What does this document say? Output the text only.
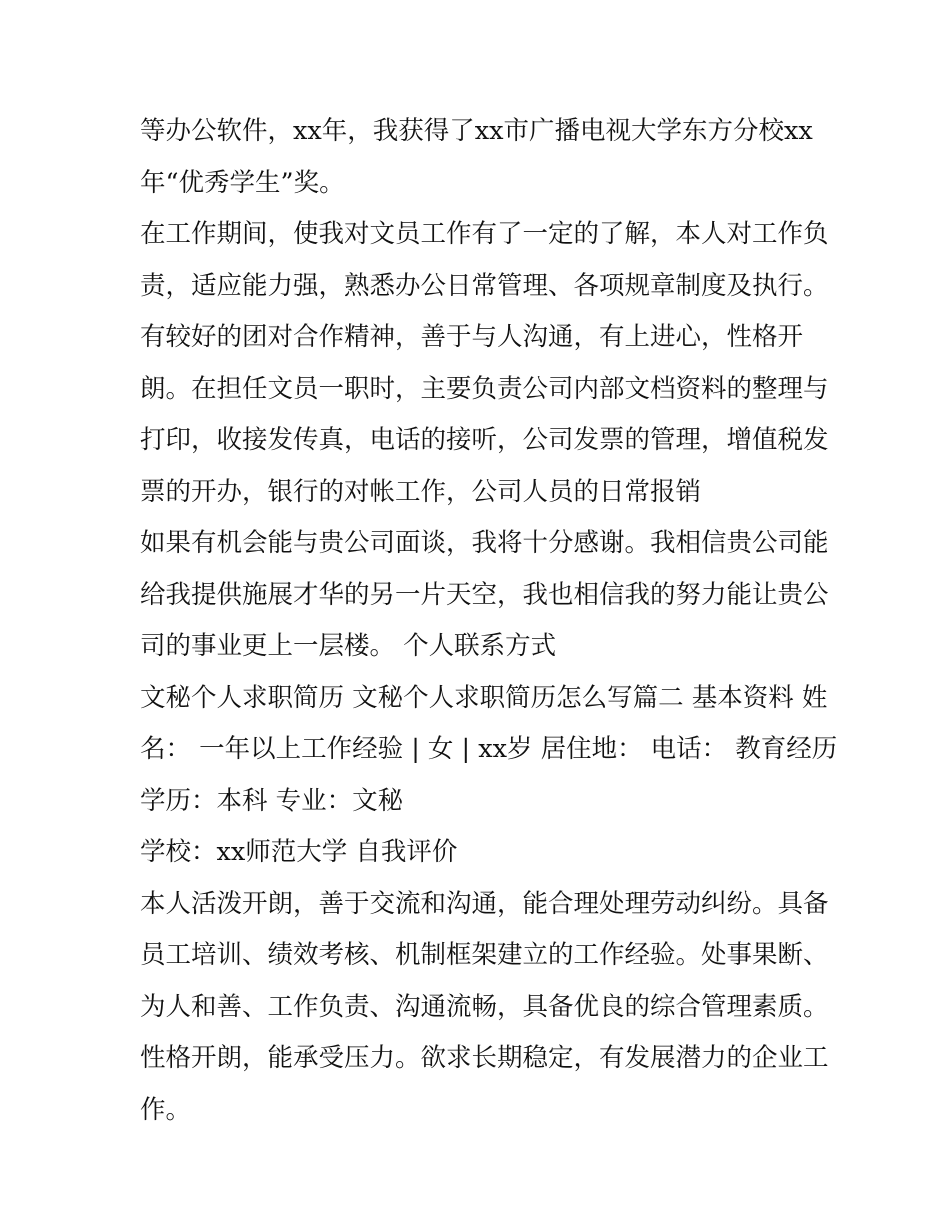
等办公软件，xx年，我获得了xx市广播电视大学东方分校xx
年“优秀学生”奖。
在工作期间，使我对文员工作有了一定的了解，本人对工作负
责，适应能力强，熟悉办公日常管理、各项规章制度及执行。
有较好的团对合作精神，善于与人沟通，有上进心，性格开
朗。在担任文员一职时，主要负责公司内部文档资料的整理与
打印，收接发传真，电话的接听，公司发票的管理，增值税发
票的开办，银行的对帐工作，公司人员的日常报销
如果有机会能与贵公司面谈，我将十分感谢。我相信贵公司能
给我提供施展才华的另一片天空，我也相信我的努力能让贵公
司的事业更上一层楼。 个人联系方式
文秘个人求职简历 文秘个人求职简历怎么写篇二 基本资料 姓
名： 一年以上工作经验 | 女 | xx岁 居住地： 电话： 教育经历
学历：本科 专业：文秘
学校：xx师范大学 自我评价
本人活泼开朗，善于交流和沟通，能合理处理劳动纠纷。具备
员工培训、绩效考核、机制框架建立的工作经验。处事果断、
为人和善、工作负责、沟通流畅，具备优良的综合管理素质。
性格开朗，能承受压力。欲求长期稳定，有发展潜力的企业工
作。
